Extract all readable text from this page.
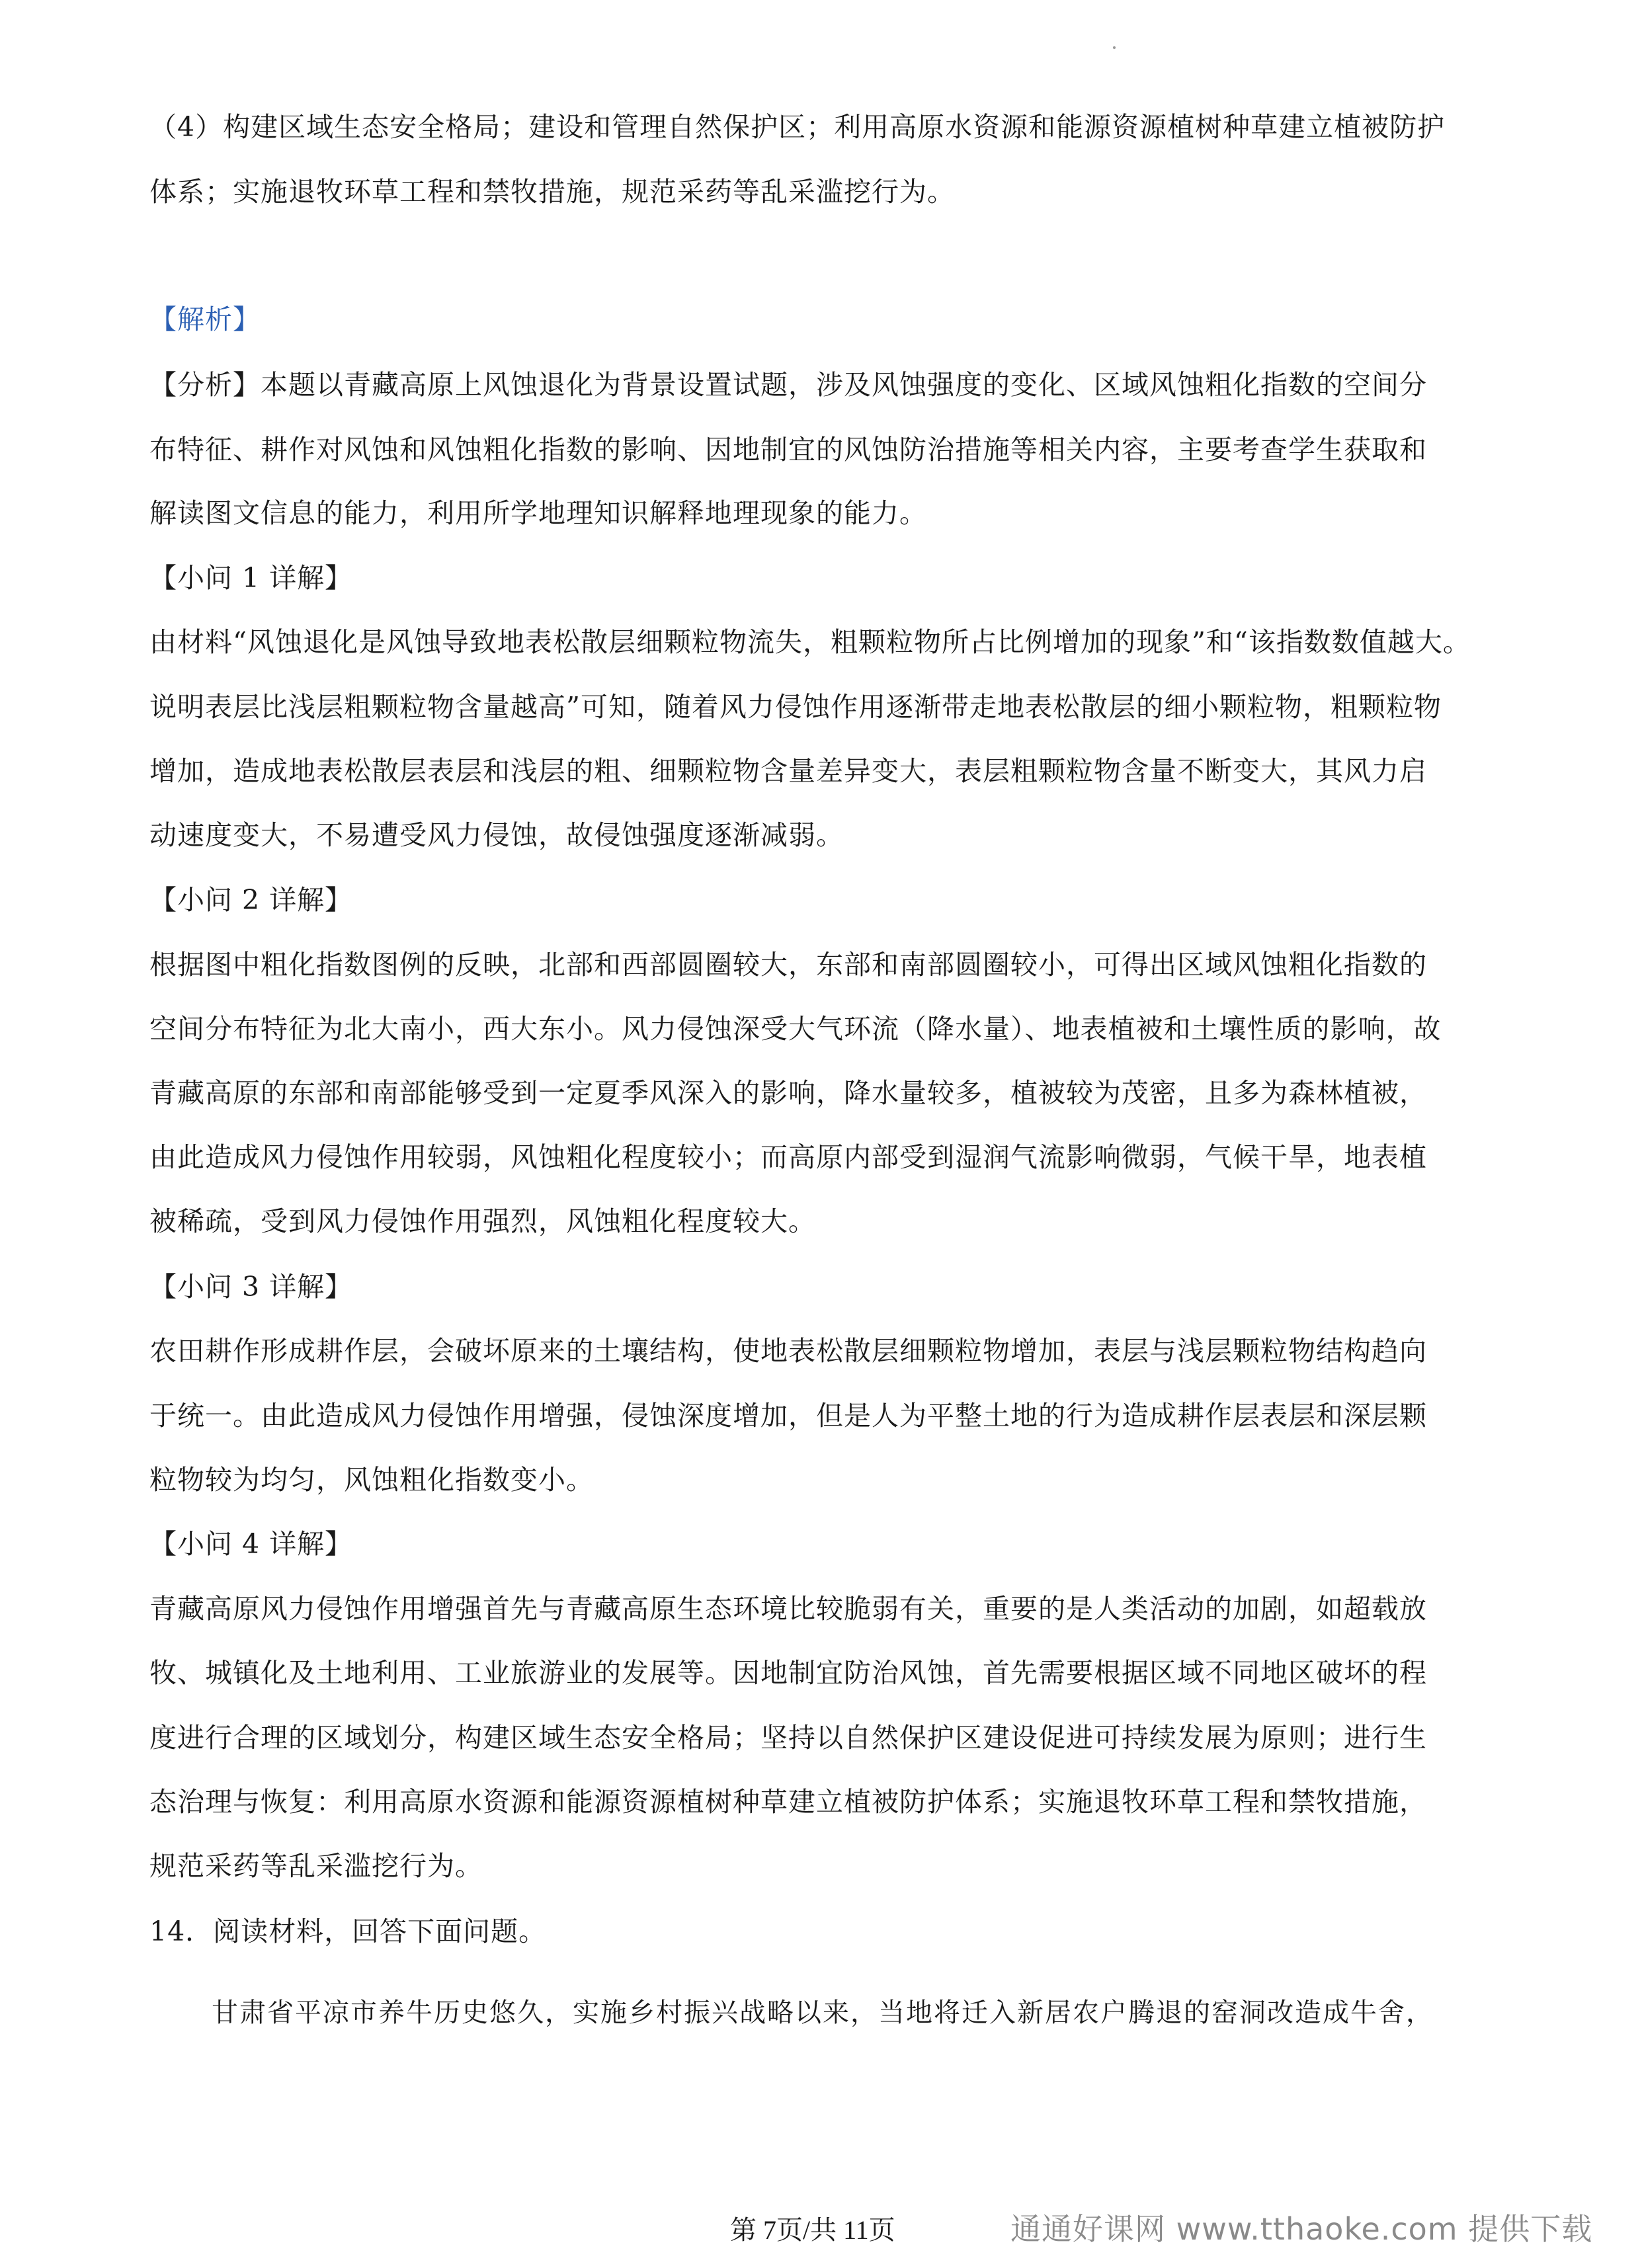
（4）构建区域生态安全格局；建设和管理自然保护区；利用高原水资源和能源资源植树种草建立植被防护
体系；实施退牧环草工程和禁牧措施，规范采药等乱采滥挖行为。
【解析】
【分析】本题以青藏高原上风蚀退化为背景设置试题，涉及风蚀强度的变化、区域风蚀粗化指数的空间分
布特征、耕作对风蚀和风蚀粗化指数的影响、因地制宜的风蚀防治措施等相关内容，主要考查学生获取和
解读图文信息的能力，利用所学地理知识解释地理现象的能力。
【小问 1 详解】
由材料“风蚀退化是风蚀导致地表松散层细颗粒物流失，粗颗粒物所占比例增加的现象”和“该指数数值越大。
说明表层比浅层粗颗粒物含量越高”可知，随着风力侵蚀作用逐渐带走地表松散层的细小颗粒物，粗颗粒物
增加，造成地表松散层表层和浅层的粗、细颗粒物含量差异变大，表层粗颗粒物含量不断变大，其风力启
动速度变大，不易遭受风力侵蚀，故侵蚀强度逐渐减弱。
【小问 2 详解】
根据图中粗化指数图例的反映，北部和西部圆圈较大，东部和南部圆圈较小，可得出区域风蚀粗化指数的
空间分布特征为北大南小，西大东小。风力侵蚀深受大气环流（降水量）、地表植被和土壤性质的影响，故
青藏高原的东部和南部能够受到一定夏季风深入的影响，降水量较多，植被较为茂密，且多为森林植被，
由此造成风力侵蚀作用较弱，风蚀粗化程度较小；而高原内部受到湿润气流影响微弱，气候干旱，地表植
被稀疏，受到风力侵蚀作用强烈，风蚀粗化程度较大。
【小问 3 详解】
农田耕作形成耕作层，会破坏原来的土壤结构，使地表松散层细颗粒物增加，表层与浅层颗粒物结构趋向
于统一。由此造成风力侵蚀作用增强，侵蚀深度增加，但是人为平整土地的行为造成耕作层表层和深层颗
粒物较为均匀，风蚀粗化指数变小。
【小问 4 详解】
青藏高原风力侵蚀作用增强首先与青藏高原生态环境比较脆弱有关，重要的是人类活动的加剧，如超载放
牧、城镇化及土地利用、工业旅游业的发展等。因地制宜防治风蚀，首先需要根据区域不同地区破坏的程
度进行合理的区域划分，构建区域生态安全格局；坚持以自然保护区建设促进可持续发展为原则；进行生
态治理与恢复：利用高原水资源和能源资源植树种草建立植被防护体系；实施退牧环草工程和禁牧措施，
规范采药等乱采滥挖行为。
14．阅读材料，回答下面问题。
甘肃省平凉市养牛历史悠久，实施乡村振兴战略以来，当地将迁入新居农户腾退的窑洞改造成牛舍，
第 7页/共 11页	通通好课网 www.tthaoke.com 提供下载
